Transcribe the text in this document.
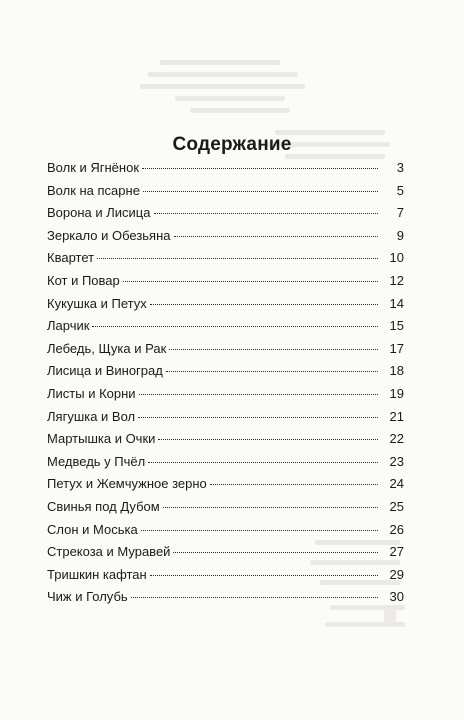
Содержание
Волк и Ягнёнок	3
Волк на псарне	5
Ворона и Лисица	7
Зеркало и Обезьяна	9
Квартет	10
Кот и Повар	12
Кукушка и Петух	14
Ларчик	15
Лебедь, Щука и Рак	17
Лисица и Виноград	18
Листы и Корни	19
Лягушка и Вол	21
Мартышка и Очки	22
Медведь у Пчёл	23
Петух и Жемчужное зерно	24
Свинья под Дубом	25
Слон и Моська	26
Стрекоза и Муравей	27
Тришкин кафтан	29
Чиж и Голубь	30
